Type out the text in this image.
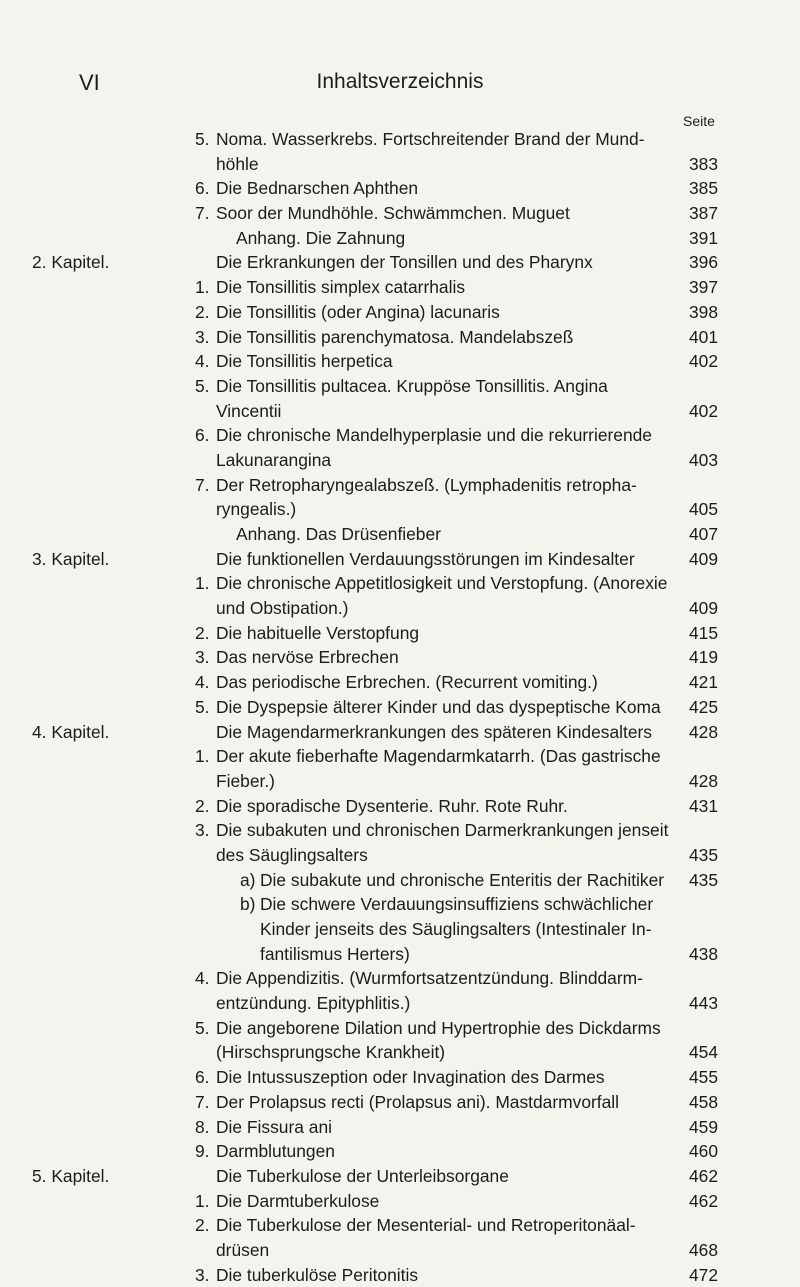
VI	Inhaltsverzeichnis
Seite
5. Noma. Wasserkrebs. Fortschreitender Brand der Mund-
höhle	383
6. Die Bednarschen Aphthen	385
7. Soor der Mundhöhle. Schwämmchen. Muguet	387
Anhang. Die Zahnung	391
2. Kapitel.	Die Erkrankungen der Tonsillen und des Pharynx	396
1. Die Tonsillitis simplex catarrhalis	397
2. Die Tonsillitis (oder Angina) lacunaris	398
3. Die Tonsillitis parenchymatosa. Mandelabszeß	401
4. Die Tonsillitis herpetica	402
5. Die Tonsillitis pultacea. Kruppöse Tonsillitis. Angina
Vincentii	402
6. Die chronische Mandelhyperplasie und die rekurrierende
Lakunarangina	403
7. Der Retropharyngealabszeß. (Lymphadenitis retropha-
ryngealis.)	405
Anhang. Das Drüsenfieber	407
3. Kapitel.	Die funktionellen Verdauungsstörungen im Kindesalter	409
1. Die chronische Appetitlosigkeit und Verstopfung. (Anorexie
und Obstipation.)	409
2. Die habituelle Verstopfung	415
3. Das nervöse Erbrechen	419
4. Das periodische Erbrechen. (Recurrent vomiting.)	421
5. Die Dyspepsie älterer Kinder und das dyspeptische Koma 425
4. Kapitel.	Die Magendarmerkrankungen des späteren Kindesalters 428
1. Der akute fieberhafte Magendarmkatarrh. (Das gastrische
Fieber.)	428
2. Die sporadische Dysenterie. Ruhr. Rote Ruhr.	431
3. Die subakuten und chronischen Darmerkrankungen jenseit
des Säuglingsalters	435
a) Die subakute und chronische Enteritis der Rachitiker 435
b) Die schwere Verdauungsinsuffiziens schwächlicher
Kinder jenseits des Säuglingsalters (Intestinaler In-
fantilismus Herters)	438
4. Die Appendizitis. (Wurmfortsatzentzündung. Blinddarm-
entzündung. Epityphlitis.)	443
5. Die angeborene Dilation und Hypertrophie des Dickdarms
(Hirschsprungsche Krankheit)	454
6. Die Intussuszeption oder Invagination des Darmes	455
7. Der Prolapsus recti (Prolapsus ani). Mastdarmvorfall	458
8. Die Fissura ani	459
9. Darmblutungen	460
5. Kapitel.	Die Tuberkulose der Unterleibsorgane	462
1. Die Darmtuberkulose	462
2. Die Tuberkulose der Mesenterial- und Retroperitonäal-
drüsen	468
3. Die tuberkulöse Peritonitis	472
